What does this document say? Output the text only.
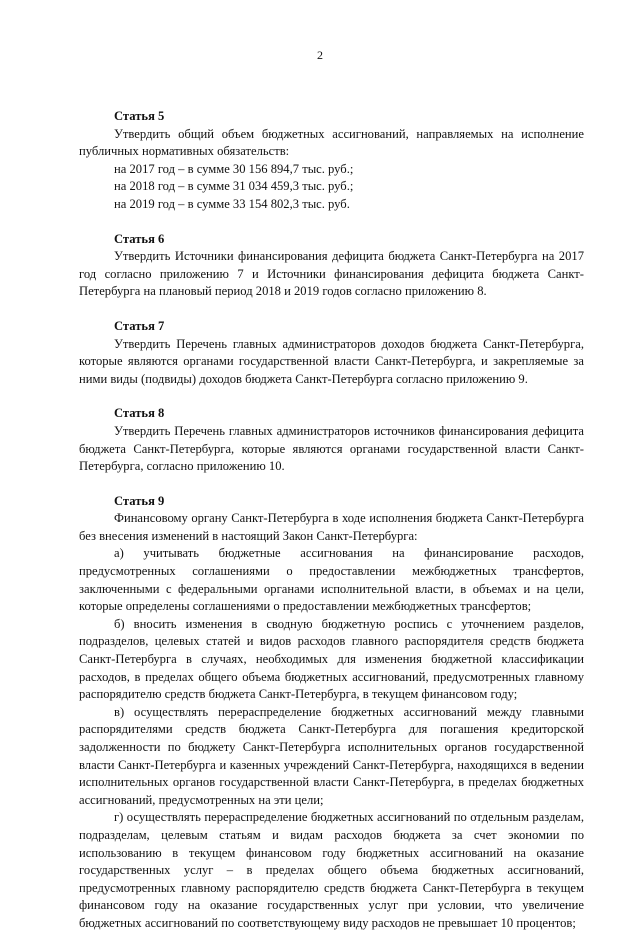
2
Статья 5

Утвердить общий объем бюджетных ассигнований, направляемых на исполнение публичных нормативных обязательств:

на 2017 год – в сумме 30 156 894,7 тыс. руб.;
на 2018 год – в сумме 31 034 459,3 тыс. руб.;
на 2019 год – в сумме 33 154 802,3 тыс. руб.
Статья 6

Утвердить Источники финансирования дефицита бюджета Санкт-Петербурга на 2017 год согласно приложению 7 и Источники финансирования дефицита бюджета Санкт-Петербурга на плановый период 2018 и 2019 годов согласно приложению 8.

Статья 7

Утвердить Перечень главных администраторов доходов бюджета Санкт-Петербурга, которые являются органами государственной власти Санкт-Петербурга, и закрепляемые за ними виды (подвиды) доходов бюджета Санкт-Петербурга согласно приложению 9.

Статья 8

Утвердить Перечень главных администраторов источников финансирования дефицита бюджета Санкт-Петербурга, которые являются органами государственной власти Санкт-Петербурга, согласно приложению 10.

Статья 9

Финансовому органу Санкт-Петербурга в ходе исполнения бюджета Санкт-Петербурга без внесения изменений в настоящий Закон Санкт-Петербурга:

а) учитывать бюджетные ассигнования на финансирование расходов, предусмотренных соглашениями о предоставлении межбюджетных трансфертов, заключенными с федеральными органами исполнительной власти, в объемах и на цели, которые определены соглашениями о предоставлении межбюджетных трансфертов;

б) вносить изменения в сводную бюджетную роспись с уточнением разделов, подразделов, целевых статей и видов расходов главного распорядителя средств бюджета Санкт-Петербурга в случаях, необходимых для изменения бюджетной классификации расходов, в пределах общего объема бюджетных ассигнований, предусмотренных главному распорядителю средств бюджета Санкт-Петербурга, в текущем финансовом году;

в) осуществлять перераспределение бюджетных ассигнований между главными распорядителями средств бюджета Санкт-Петербурга для погашения кредиторской задолженности по бюджету Санкт-Петербурга исполнительных органов государственной власти Санкт-Петербурга и казенных учреждений Санкт-Петербурга, находящихся в ведении исполнительных органов государственной власти Санкт-Петербурга, в пределах бюджетных ассигнований, предусмотренных на эти цели;

г) осуществлять перераспределение бюджетных ассигнований по отдельным разделам, подразделам, целевым статьям и видам расходов бюджета за счет экономии по использованию в текущем финансовом году бюджетных ассигнований на оказание государственных услуг – в пределах общего объема бюджетных ассигнований, предусмотренных главному распорядителю средств бюджета Санкт-Петербурга в текущем финансовом году на оказание государственных услуг при условии, что увеличение бюджетных ассигнований по соответствующему виду расходов не превышает 10 процентов;
